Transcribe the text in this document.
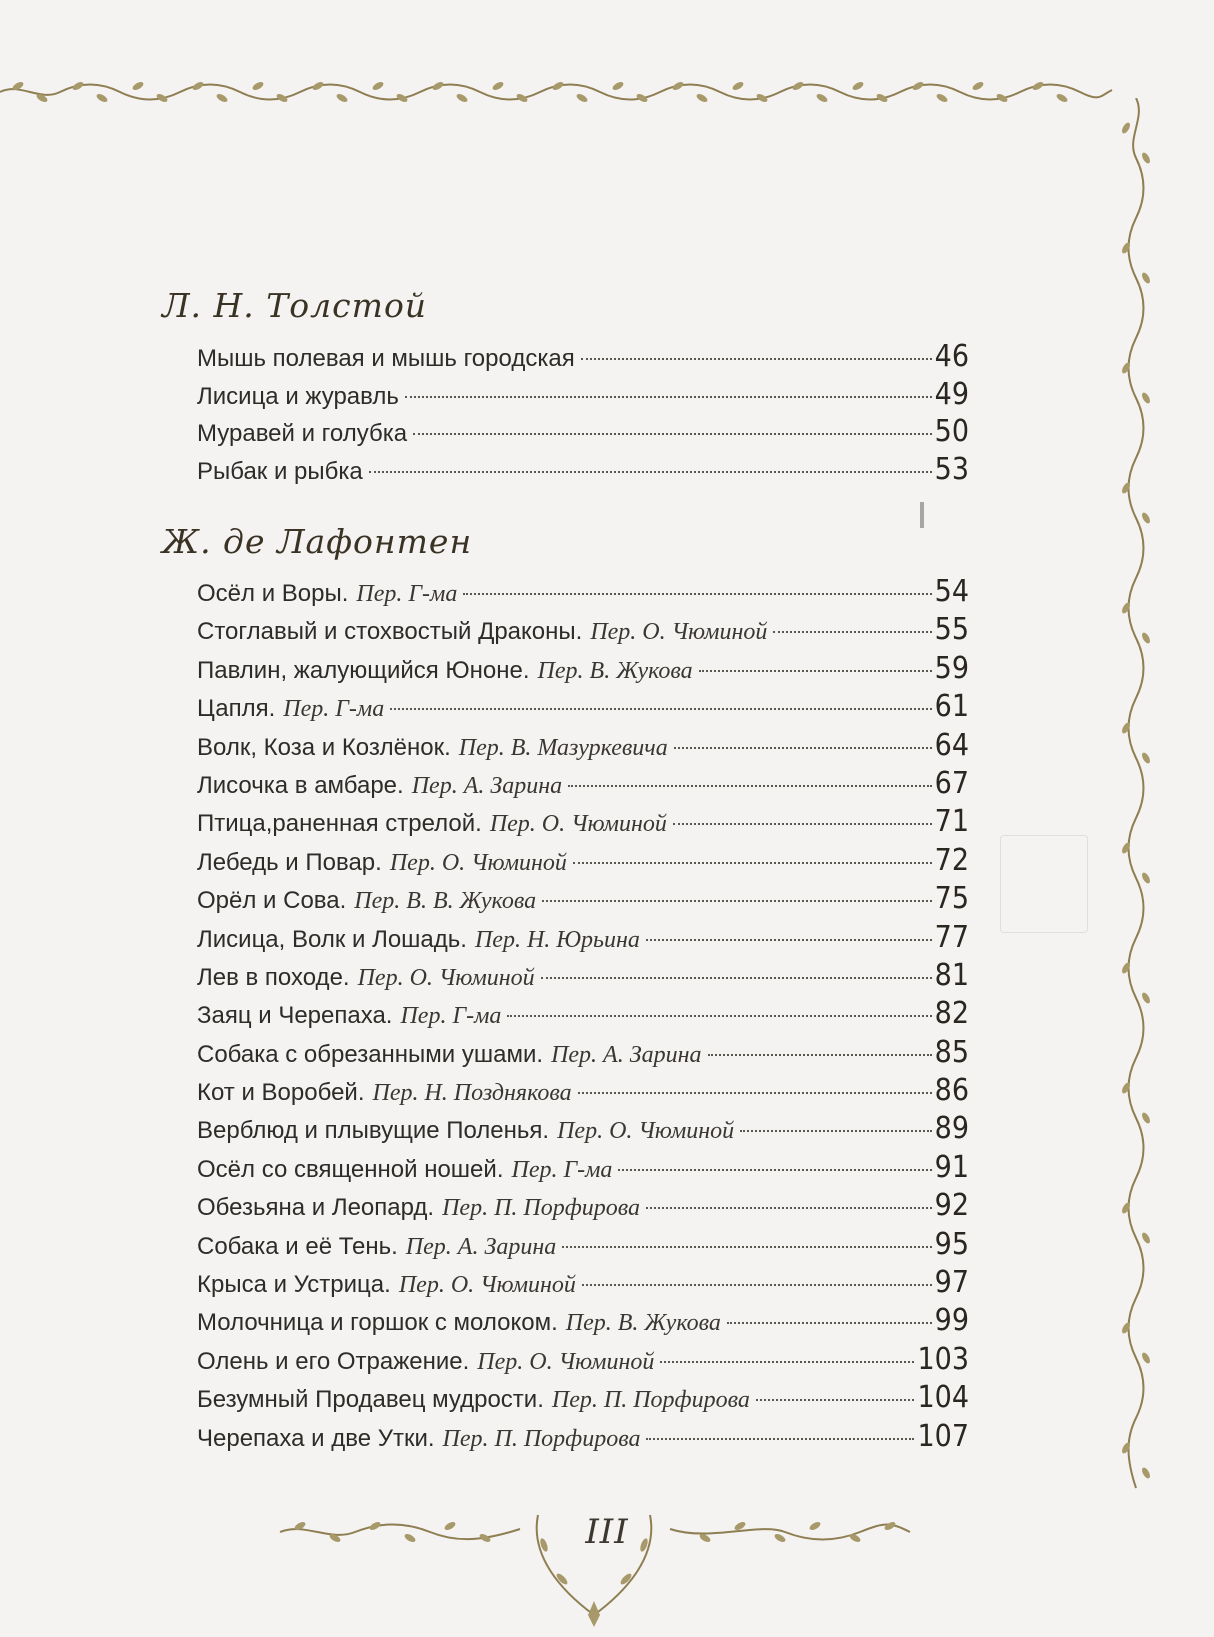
Л. Н. Толстой
Мышь полевая и мышь городская	46
Лисица и журавль	49
Муравей и голубка	50
Рыбак и рыбка	53
Ж. де Лафонтен
Осёл и Воры. Пер. Г-ма	54
Стоглавый и стохвостый Драконы. Пер. О. Чюминой	55
Павлин, жалующийся Юноне. Пер. В. Жукова	59
Цапля. Пер. Г-ма	61
Волк, Коза и Козлёнок. Пер. В. Мазуркевича	64
Лисочка в амбаре. Пер. А. Зарина	67
Птица,раненная стрелой. Пер. О. Чюминой	71
Лебедь и Повар. Пер. О. Чюминой	72
Орёл и Сова. Пер. В. В. Жукова	75
Лисица, Волк и Лошадь. Пер. Н. Юрьина	77
Лев в походе. Пер. О. Чюминой	81
Заяц и Черепаха. Пер. Г-ма	82
Собака с обрезанными ушами. Пер. А. Зарина	85
Кот и Воробей. Пер. Н. Позднякова	86
Верблюд и плывущие Поленья. Пер. О. Чюминой	89
Осёл со священной ношей. Пер. Г-ма	91
Обезьяна и Леопард. Пер. П. Порфирова	92
Собака и её Тень. Пер. А. Зарина	95
Крыса и Устрица. Пер. О. Чюминой	97
Молочница и горшок с молоком. Пер. В. Жукова	99
Олень и его Отражение. Пер. О. Чюминой	103
Безумный Продавец мудрости. Пер. П. Порфирова	104
Черепаха и две Утки. Пер. П. Порфирова	107
III
